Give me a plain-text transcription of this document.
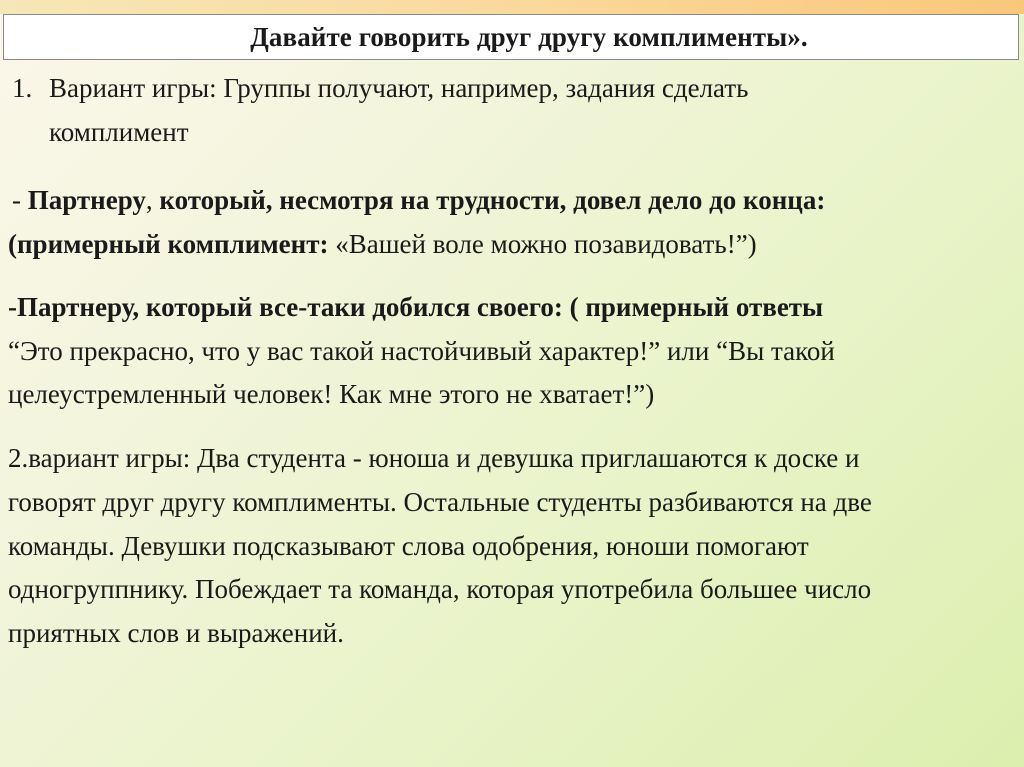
Давайте говорить друг другу комплименты».

1. Вариант игры: Группы получают, например, задания сделать

комплимент

- Партнеру, который, несмотря на трудности, довел дело до конца:

(примерный комплимент: «Вашей воле можно позавидовать!”)

-Партнеру, который все-таки добился своего: ( примерный ответы

“Это прекрасно, что у вас такой настойчивый характер!” или “Вы такой

целеустремленный человек! Как мне этого не хватает!”)

2.вариант игры: Два студента - юноша и девушка приглашаются к доске и

говорят друг другу комплименты. Остальные студенты разбиваются на две

команды. Девушки подсказывают слова одобрения, юноши помогают

одногруппнику. Побеждает та команда, которая употребила большее число

приятных слов и выражений.
